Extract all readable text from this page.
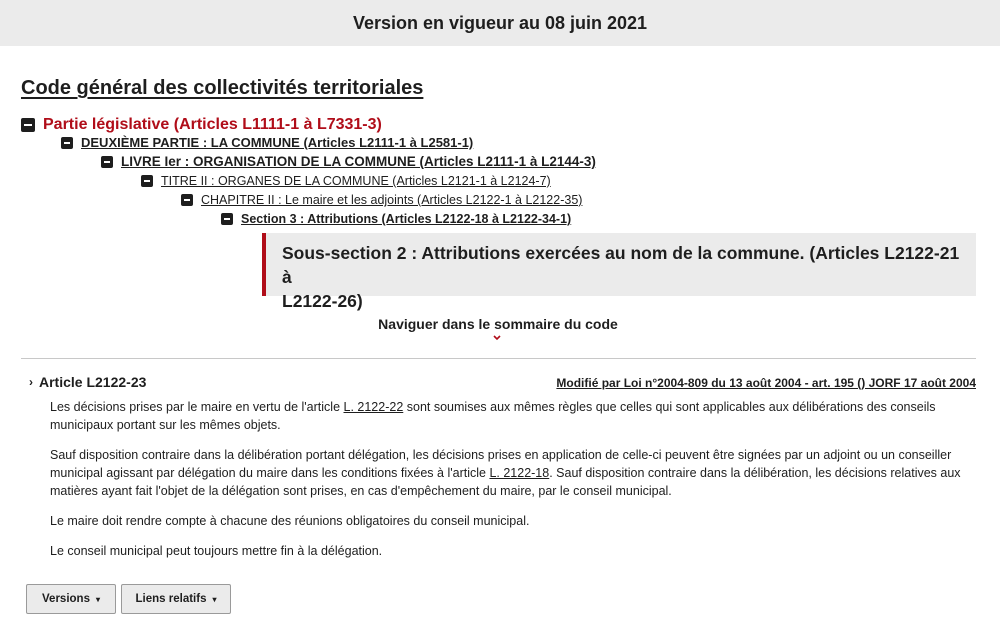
Version en vigueur au 08 juin 2021
Code général des collectivités territoriales
Partie législative (Articles L1111-1 à L7331-3)
DEUXIÈME PARTIE : LA COMMUNE (Articles L2111-1 à L2581-1)
LIVRE Ier : ORGANISATION DE LA COMMUNE (Articles L2111-1 à L2144-3)
TITRE II : ORGANES DE LA COMMUNE (Articles L2121-1 à L2124-7)
CHAPITRE II : Le maire et les adjoints (Articles L2122-1 à L2122-35)
Section 3 : Attributions (Articles L2122-18 à L2122-34-1)
Sous-section 2 : Attributions exercées au nom de la commune. (Articles L2122-21 à
L2122-26)
Naviguer dans le sommaire du code
› Article L2122-23	Modifié par Loi n°2004-809 du 13 août 2004 - art. 195 () JORF 17 août 2004

Les décisions prises par le maire en vertu de l'article L. 2122-22 sont soumises aux mêmes règles que celles qui sont applicables aux délibérations des conseils municipaux portant sur les mêmes objets.

Sauf disposition contraire dans la délibération portant délégation, les décisions prises en application de celle-ci peuvent être signées par un adjoint ou un conseiller municipal agissant par délégation du maire dans les conditions fixées à l'article L. 2122-18. Sauf disposition contraire dans la délibération, les décisions relatives aux matières ayant fait l'objet de la délégation sont prises, en cas d'empêchement du maire, par le conseil municipal.

Le maire doit rendre compte à chacune des réunions obligatoires du conseil municipal.

Le conseil municipal peut toujours mettre fin à la délégation.

Versions ▾	Liens relatifs ▾
